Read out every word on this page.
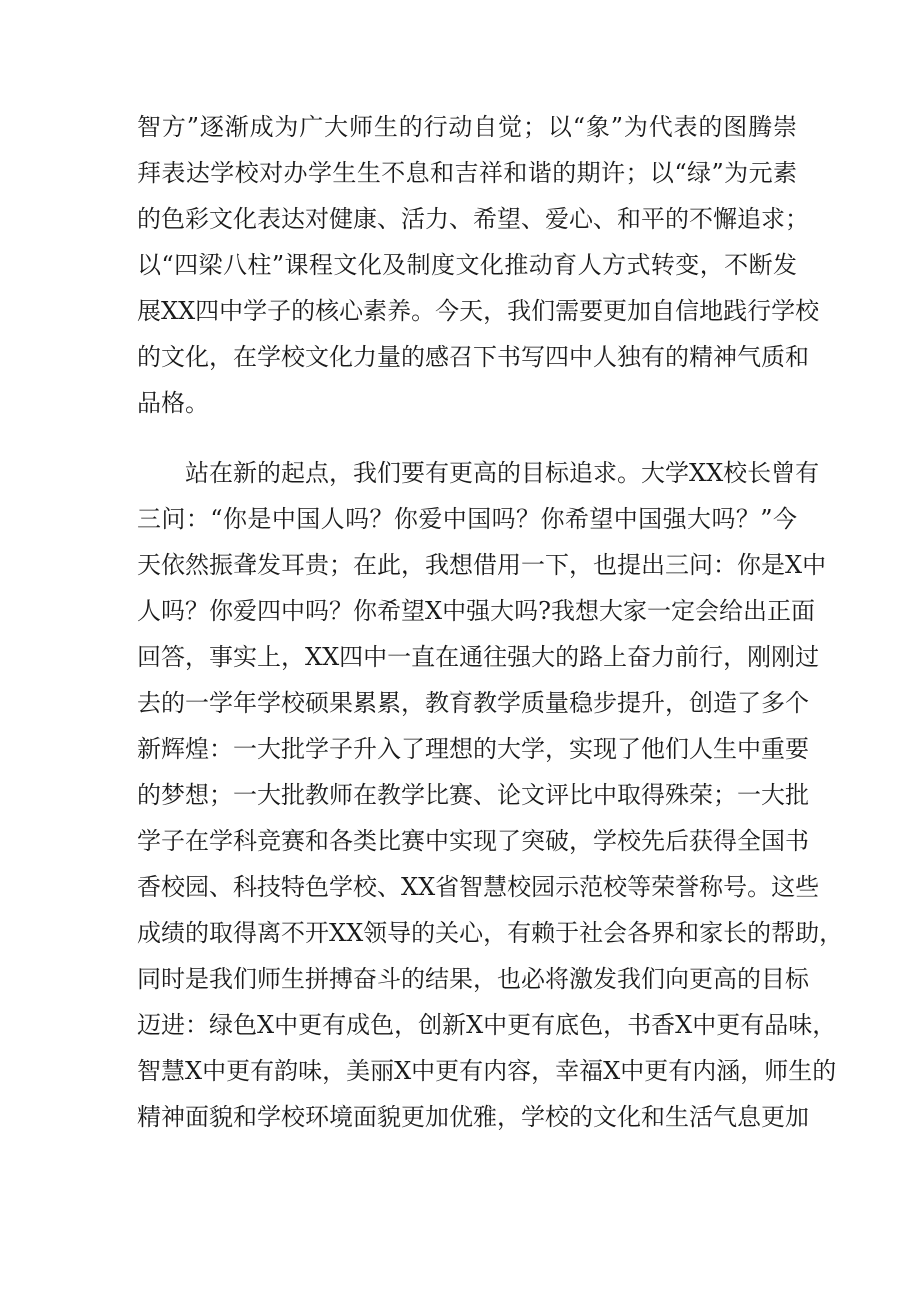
智方”逐渐成为广大师生的行动自觉；以“象”为代表的图腾崇
拜表达学校对办学生生不息和吉祥和谐的期许；以“绿”为元素
的色彩文化表达对健康、活力、希望、爱心、和平的不懈追求；
以“四梁八柱”课程文化及制度文化推动育人方式转变，不断发
展XX四中学子的核心素养。今天，我们需要更加自信地践行学校
的文化，在学校文化力量的感召下书写四中人独有的精神气质和
品格。
站在新的起点，我们要有更高的目标追求。大学XX校长曾有
三问：“你是中国人吗？你爱中国吗？你希望中国强大吗？”今
天依然振聋发耳贵；在此，我想借用一下，也提出三问：你是X中
人吗？你爱四中吗？你希望X中强大吗?我想大家一定会给出正面
回答，事实上，XX四中一直在通往强大的路上奋力前行，刚刚过
去的一学年学校硕果累累，教育教学质量稳步提升，创造了多个
新辉煌：一大批学子升入了理想的大学，实现了他们人生中重要
的梦想；一大批教师在教学比赛、论文评比中取得殊荣；一大批
学子在学科竞赛和各类比赛中实现了突破，学校先后获得全国书
香校园、科技特色学校、XX省智慧校园示范校等荣誉称号。这些
成绩的取得离不开XX领导的关心，有赖于社会各界和家长的帮助，
同时是我们师生拼搏奋斗的结果，也必将激发我们向更高的目标
迈进：绿色X中更有成色，创新X中更有底色，书香X中更有品味，
智慧X中更有韵味，美丽X中更有内容，幸福X中更有内涵，师生的
精神面貌和学校环境面貌更加优雅，学校的文化和生活气息更加
